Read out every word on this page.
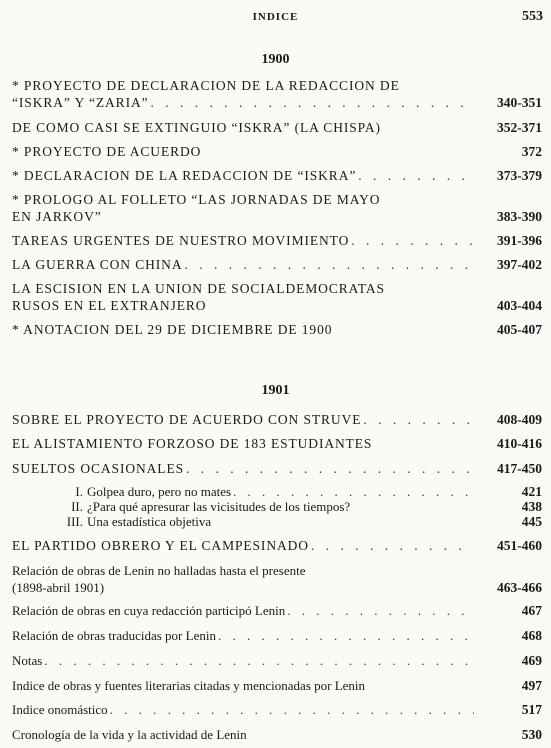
INDICE	553
1900
* PROYECTO DE DECLARACION DE LA REDACCION DE
“ISKRA” Y “ZARIA” . . .	340-351
DE COMO CASI SE EXTINGUIO “ISKRA” (LA CHISPA)	352-371
* PROYECTO DE ACUERDO	372
* DECLARACION DE LA REDACCION DE “ISKRA” . . .	373-379
* PROLOGO AL FOLLETO “LAS JORNADAS DE MAYO
EN JARKOV”	383-390
TAREAS URGENTES DE NUESTRO MOVIMIENTO . . .	391-396
LA GUERRA CON CHINA . . .	397-402
LA ESCISION EN LA UNION DE SOCIALDEMOCRATAS
RUSOS EN EL EXTRANJERO	403-404
* ANOTACION DEL 29 DE DICIEMBRE DE 1900	405-407
1901
SOBRE EL PROYECTO DE ACUERDO CON STRUVE . . .	408-409
EL ALISTAMIENTO FORZOSO DE 183 ESTUDIANTES	410-416
SUELTOS OCASIONALES . . .	417-450
I. Golpea duro, pero no mates . . .	421
II. ¿Para qué apresurar las vicisitudes de los tiempos?	438
III. Una estadística objetiva	445
EL PARTIDO OBRERO Y EL CAMPESINADO . . .	451-460
Relación de obras de Lenin no halladas hasta el presente
(1898-abril 1901)	463-466
Relación de obras en cuya redacción participó Lenin . . .	467
Relación de obras traducidas por Lenin . . .	468
Notas . . .	469
Indice de obras y fuentes literarias citadas y mencionadas por Lenin	497
Indice onomástico . . .	517
Cronología de la vida y la actividad de Lenin	530
